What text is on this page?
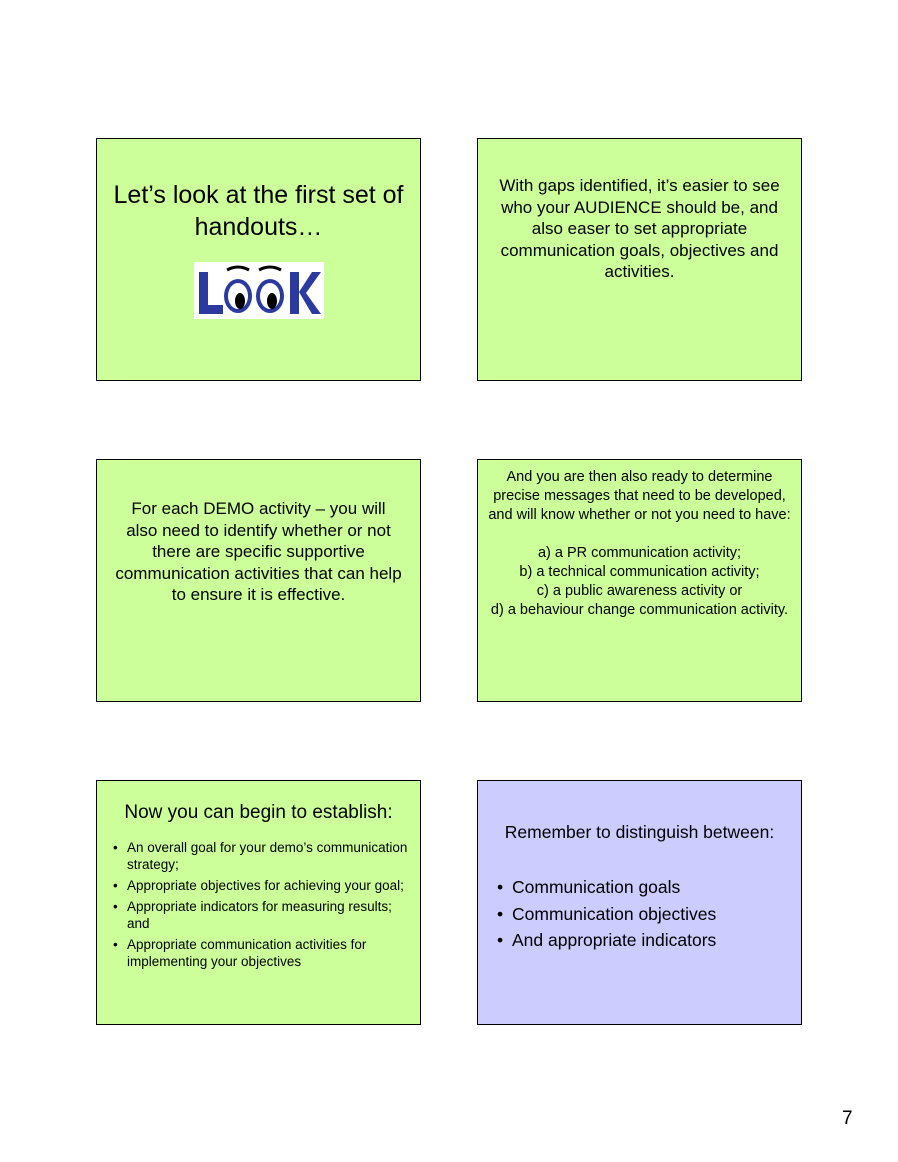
Let’s look at the first set of handouts…
With gaps identified, it’s easier to see who your AUDIENCE should be, and also easer to set appropriate communication goals, objectives and activities.
For each DEMO activity – you will also need to identify whether or not there are specific supportive communication activities that can help to ensure it is effective.
And you are then also ready to determine precise messages that need to be developed, and will know whether or not you need to have:
a) a PR communication activity;
b) a technical communication activity;
c) a public awareness activity or
d) a behaviour change communication activity.
Now you can begin to establish:
• An overall goal for your demo’s communication strategy;
• Appropriate objectives for achieving your goal;
• Appropriate indicators for measuring results; and
• Appropriate communication activities for implementing your objectives
Remember to distinguish between:
• Communication goals
• Communication objectives
• And appropriate indicators
7
